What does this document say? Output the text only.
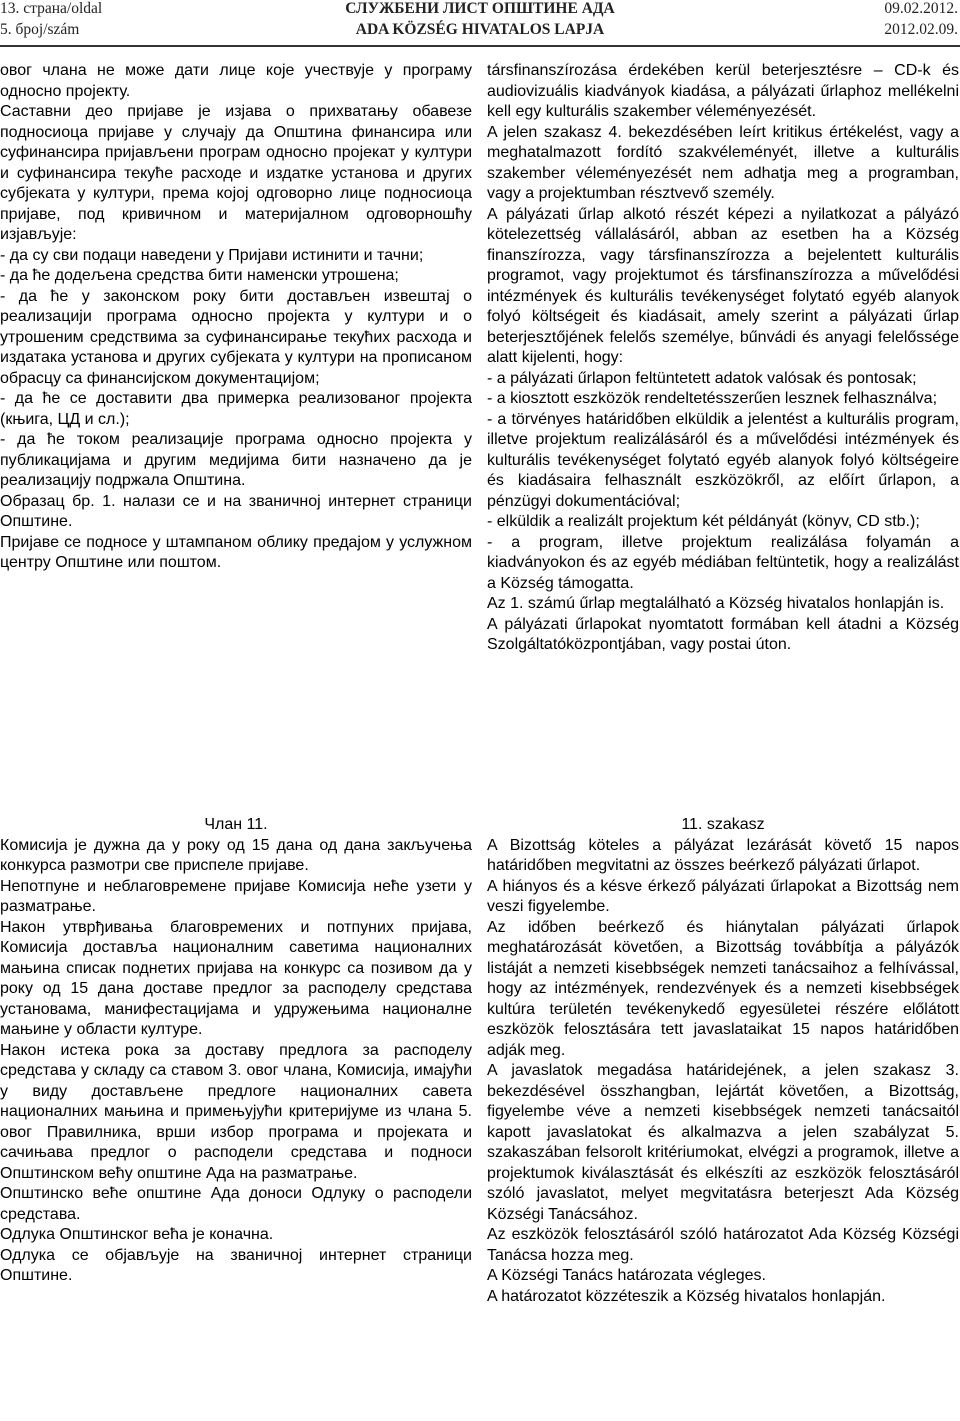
13. страна/oldal	СЛУЖБЕНИ ЛИСТ ОПШТИНЕ АДА	09.02.2012.
5. број/szám	ADA KÖZSÉG HIVATALOS LAPJA	2012.02.09.

овог члана не може дати лице које учествује у програму односно пројекту.

Саставни део пријаве је изјава о прихватању обавезе подносиоца пријаве у случају да Општина финансира или суфинансира пријављени програм односно пројекат у култури и суфинансира текуће расходе и издатке установа и других субјеката у култури, према којој одговорно лице подносиоца пријаве, под кривичном и материјалном одговорношћу изјављује:

- да су сви подаци наведени у Пријави истинити и тачни;

- да ће додељена средства бити наменски утрошена;

- да ће у законском року бити достављен извештај о реализацији програма односно пројекта у култури и о утрошеним средствима за суфинансирање текућих расхода и издатака установа и других субјеката у култури на прописаном обрасцу са финансијском документацијом;

- да ће се доставити два примерка реализованог пројекта (књига, ЦД и сл.);

- да ће током реализације програма односно пројекта у публикацијама и другим медијима бити назначено да је реализацију подржала Општина.

Образац бр. 1. налази се и на званичној интернет страници Општине.

Пријаве се подносе у штампаном облику предајом у услужном центру Општине или поштом.

társfinanszírozása érdekében kerül beterjesztésre – CD-k és audiovizuális kiadványok kiadása, a pályázati űrlaphoz mellékelni kell egy kulturális szakember véleményezését.

A jelen szakasz 4. bekezdésében leírt kritikus értékelést, vagy a meghatalmazott fordító szakvéleményét, illetve a kulturális szakember véleményezését nem adhatja meg a programban, vagy a projektumban résztvevő személy.

A pályázati űrlap alkotó részét képezi a nyilatkozat a pályázó kötelezettség vállalásáról, abban az esetben ha a Község finanszírozza, vagy társfinanszírozza a bejelentett kulturális programot, vagy projektumot és társfinanszírozza a művelődési intézmények és kulturális tevékenységet folytató egyéb alanyok folyó költségeit és kiadásait, amely szerint a pályázati űrlap beterjesztőjének felelős személye, bűnvádi és anyagi felelőssége alatt kijelenti, hogy:

- a pályázati űrlapon feltüntetett adatok valósak és pontosak;

- a kiosztott eszközök rendeltetésszerűen lesznek felhasználva;

- a törvényes határidőben elküldik a jelentést a kulturális program, illetve projektum realizálásáról és a művelődési intézmények és kulturális tevékenységet folytató egyéb alanyok folyó költségeire és kiadásaira felhasznált eszközökről, az előírt űrlapon, a pénzügyi dokumentációval;

- elküldik a realizált projektum két példányát (könyv, CD stb.);

- a program, illetve projektum realizálása folyamán a kiadványokon és az egyéb médiában feltüntetik, hogy a realizálást a Község támogatta.

Az 1. számú űrlap megtalálható a Község hivatalos honlapján is.

A pályázati űrlapokat nyomtatott formában kell átadni a Község Szolgáltatóközpontjában, vagy postai úton.

Члан 11.

Комисија је дужна да у року од 15 дана од дана закључења конкурса размотри све приспеле пријаве.

Непотпуне и неблаговремене пријаве Комисија неће узети у разматрање.

Након утврђивања благовремених и потпуних пријава, Комисија доставља националним саветима националних мањина списак поднетих пријава на конкурс са позивом да у року од 15 дана доставе предлог за расподелу средстава установама, манифестацијама и удружењима националне мањине у области културе.

Након истека рока за доставу предлога за расподелу средстава у складу са ставом 3. овог члана, Комисија, имајући у виду достављене предлоге националних савета националних мањина и примењујући критеријуме из члана 5. овог Правилника, врши избор програма и пројеката и сачињава предлог о расподели средстава и подноси Општинском већу општине Ада на разматрање.

Општинско веће општине Ада доноси Одлуку о расподели средстава.

Одлука Општинског већа је коначна.

Одлука се објављује на званичној интернет страници Општине.

11. szakasz

A Bizottság köteles a pályázat lezárását követő 15 napos határidőben megvitatni az összes beérkező pályázati űrlapot.

A hiányos és a késve érkező pályázati űrlapokat a Bizottság nem veszi figyelembe.

Az időben beérkező és hiánytalan pályázati űrlapok meghatározását követően, a Bizottság továbbítja a pályázók listáját a nemzeti kisebbségek nemzeti tanácsaihoz a felhívással, hogy az intézmények, rendezvények és a nemzeti kisebbségek kultúra területén tevékenykedő egyesületei részére előlátott eszközök felosztására tett javaslataikat 15 napos határidőben adják meg.

A javaslatok megadása határidejének, a jelen szakasz 3. bekezdésével összhangban, lejártát követően, a Bizottság, figyelembe véve a nemzeti kisebbségek nemzeti tanácsaitól kapott javaslatokat és alkalmazva a jelen szabályzat 5. szakaszában felsorolt kritériumokat, elvégzi a programok, illetve a projektumok kiválasztását és elkészíti az eszközök felosztásáról szóló javaslatot, melyet megvitatásra beterjeszt Ada Község Községi Tanácsához.

Az eszközök felosztásáról szóló határozatot Ada Község Községi Tanácsa hozza meg.

A Községi Tanács határozata végleges.

A határozatot közzéteszik a Község hivatalos honlapján.
